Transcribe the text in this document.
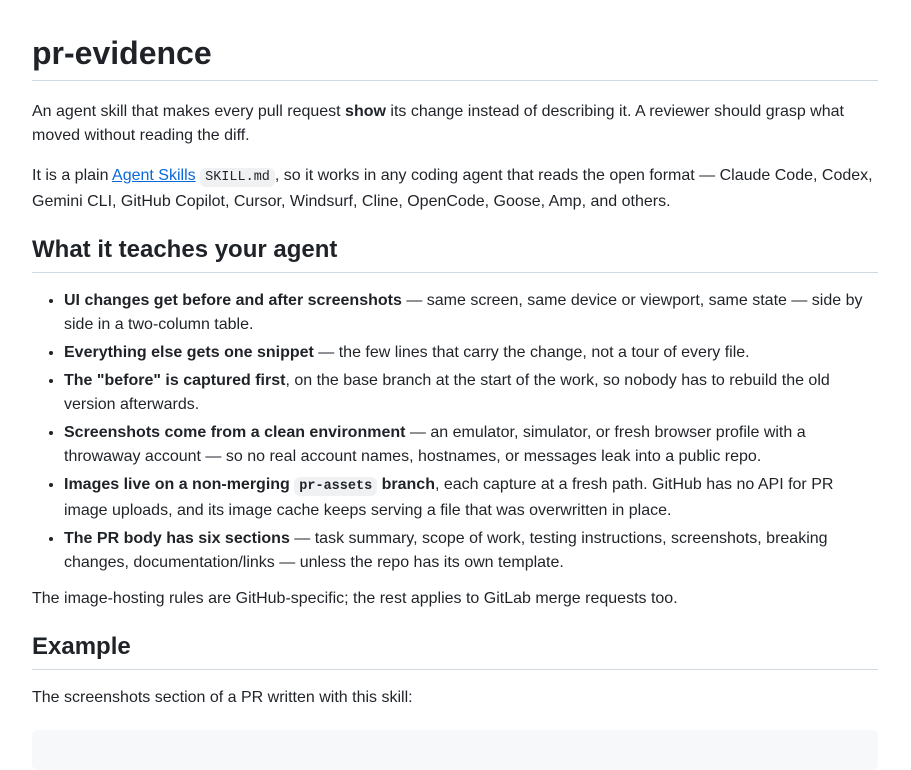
pr-evidence

An agent skill that makes every pull request show its change instead of describing it. A reviewer should grasp what moved without reading the diff.

It is a plain Agent Skills SKILL.md , so it works in any coding agent that reads the open format — Claude Code, Codex, Gemini CLI, GitHub Copilot, Cursor, Windsurf, Cline, OpenCode, Goose, Amp, and others.

What it teaches your agent
• UI changes get before and after screenshots — same screen, same device or viewport, same state — side by side in a two-column table.
• Everything else gets one snippet — the few lines that carry the change, not a tour of every file.
• The "before" is captured first, on the base branch at the start of the work, so nobody has to rebuild the old version afterwards.
• Screenshots come from a clean environment — an emulator, simulator, or fresh browser profile with a throwaway account — so no real account names, hostnames, or messages leak into a public repo.
• Images live on a non-merging pr-assets branch, each capture at a fresh path. GitHub has no API for PR image uploads, and its image cache keeps serving a file that was overwritten in place.
• The PR body has six sections — task summary, scope of work, testing instructions, screenshots, breaking changes, documentation/links — unless the repo has its own template.

The image-hosting rules are GitHub-specific; the rest applies to GitLab merge requests too.

Example

The screenshots section of a PR written with this skill:
